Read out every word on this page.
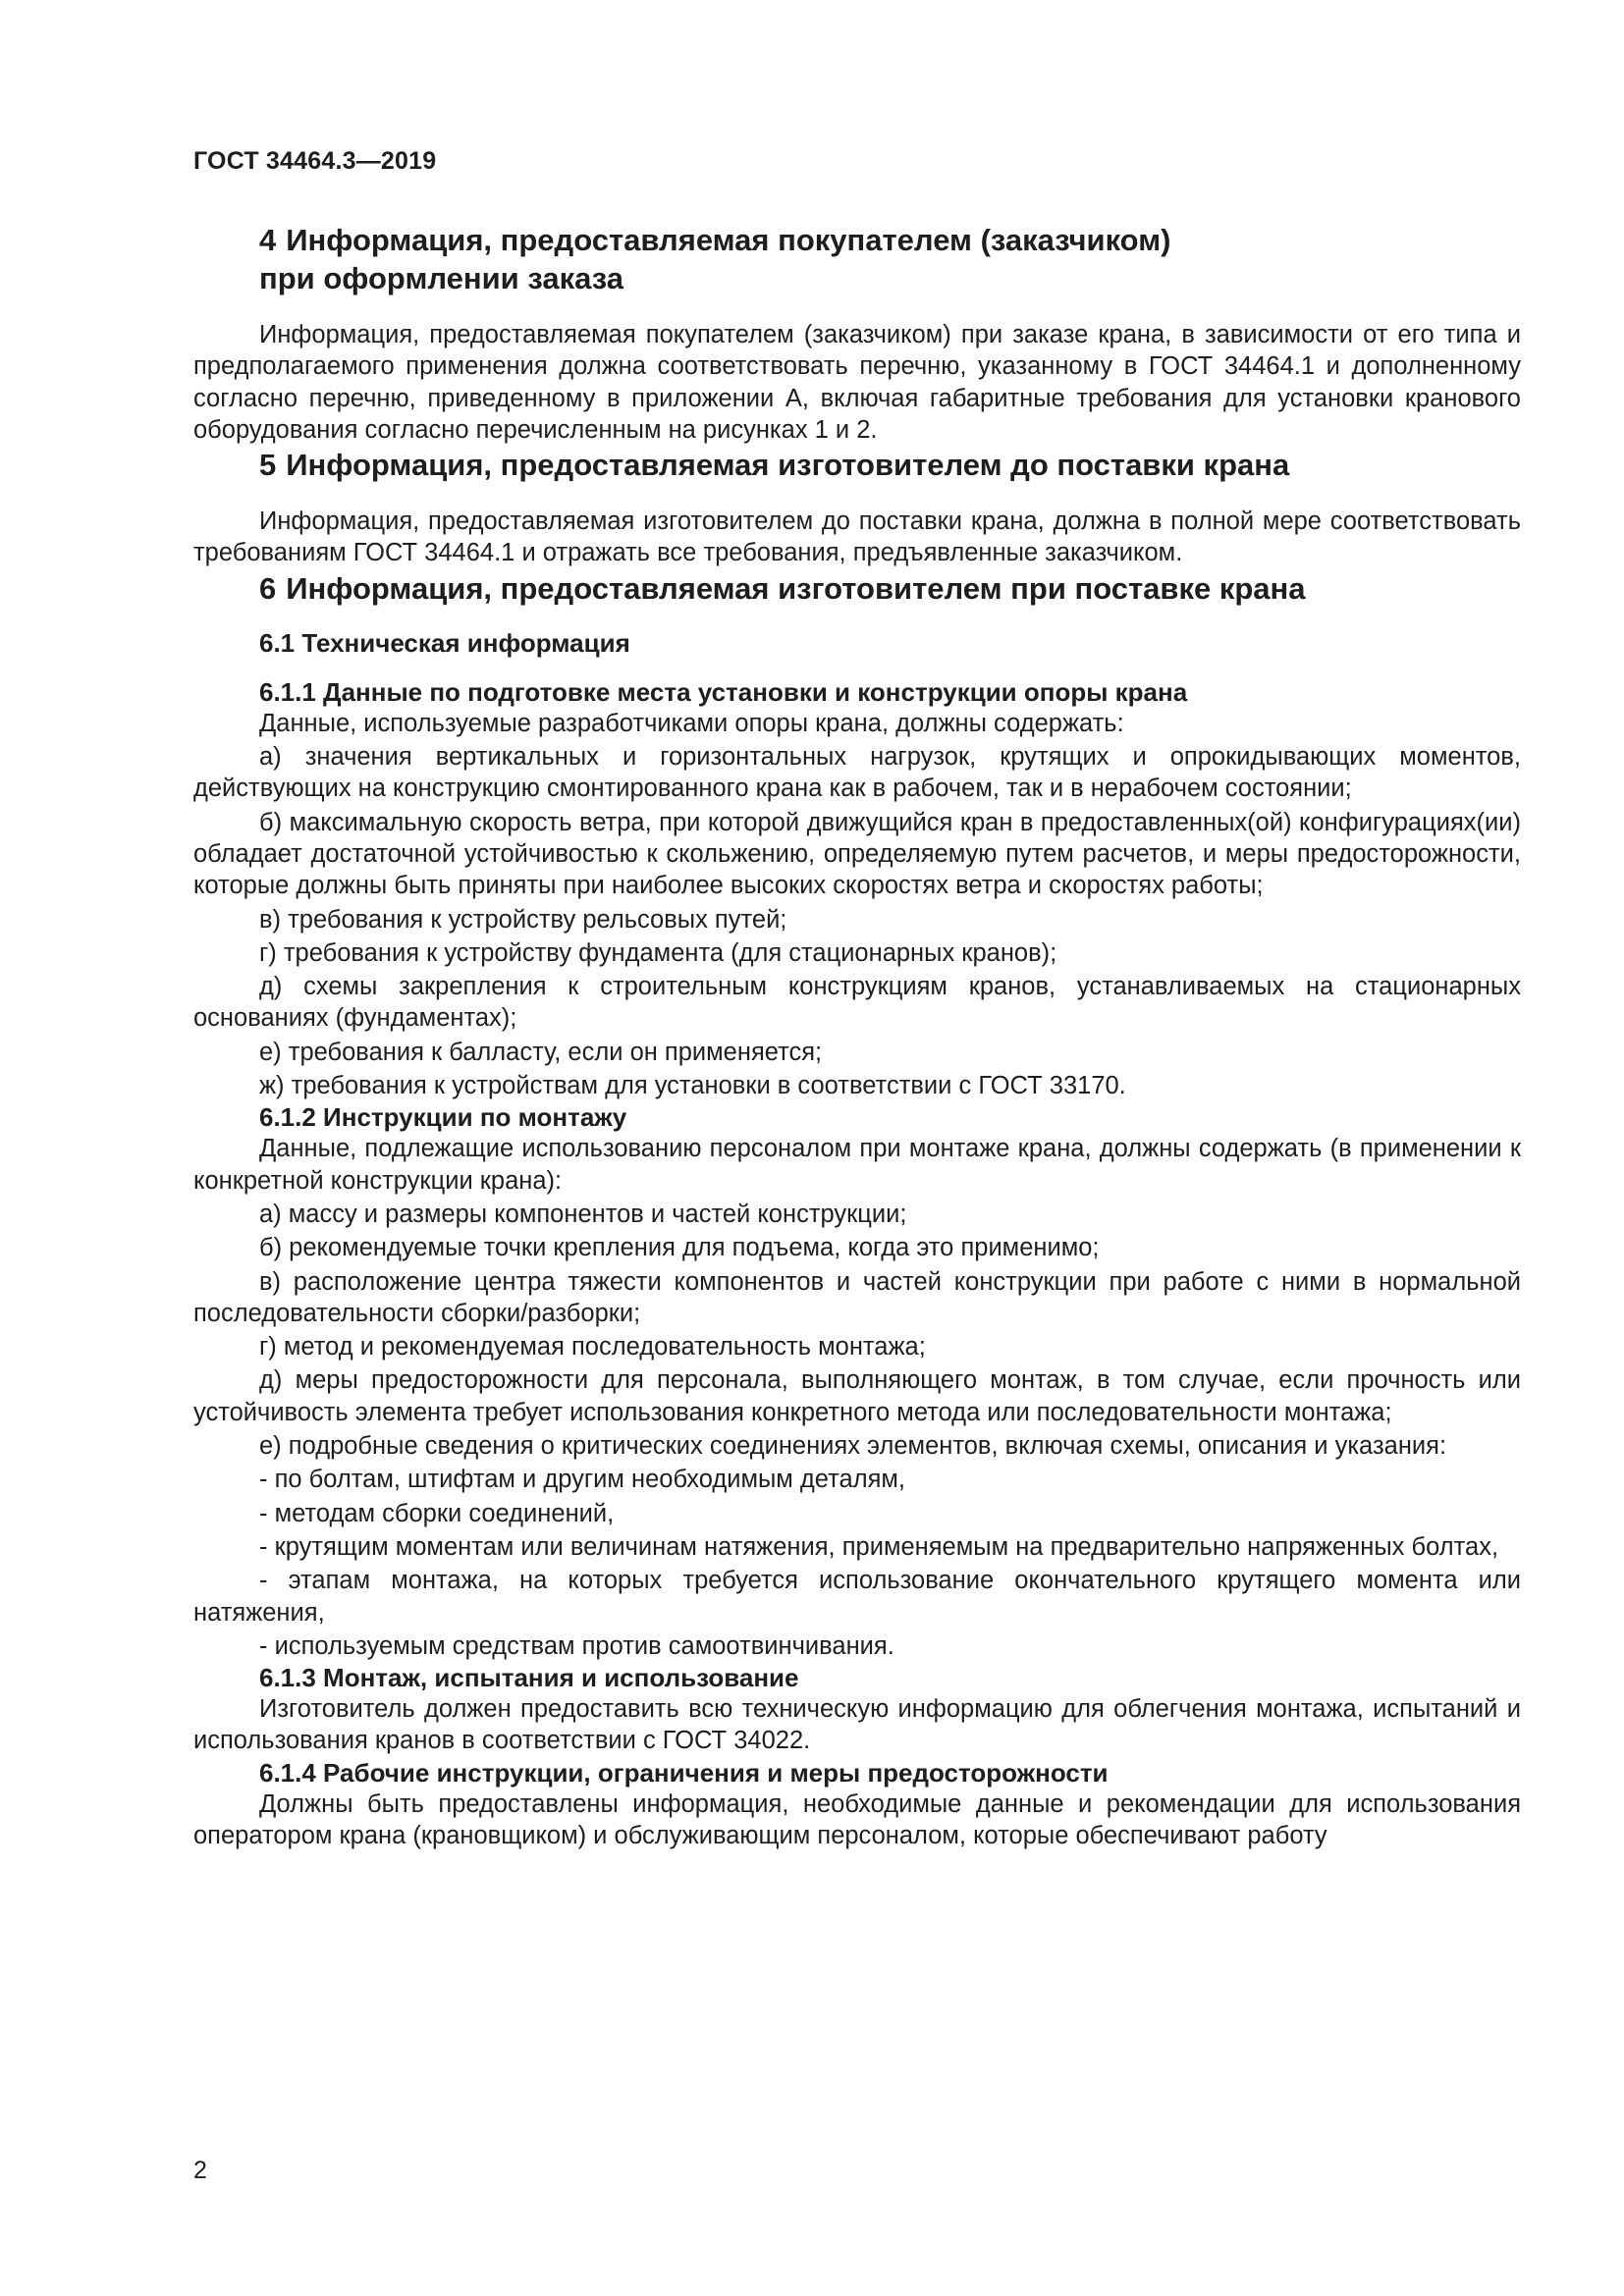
ГОСТ 34464.3—2019
4 Информация, предоставляемая покупателем (заказчиком)
при оформлении заказа

Информация, предоставляемая покупателем (заказчиком) при заказе крана, в зависимости от его типа и предполагаемого применения должна соответствовать перечню, указанному в ГОСТ 34464.1 и дополненному согласно перечню, приведенному в приложении А, включая габаритные требования для установки кранового оборудования согласно перечисленным на рисунках 1 и 2.

5 Информация, предоставляемая изготовителем до поставки крана

Информация, предоставляемая изготовителем до поставки крана, должна в полной мере соответствовать требованиям ГОСТ 34464.1 и отражать все требования, предъявленные заказчиком.

6 Информация, предоставляемая изготовителем при поставке крана
6.1 Техническая информация
6.1.1 Данные по подготовке места установки и конструкции опоры крана

Данные, используемые разработчиками опоры крана, должны содержать:

а) значения вертикальных и горизонтальных нагрузок, крутящих и опрокидывающих моментов, действующих на конструкцию смонтированного крана как в рабочем, так и в нерабочем состоянии;

б) максимальную скорость ветра, при которой движущийся кран в предоставленных(ой) конфигурациях(ии) обладает достаточной устойчивостью к скольжению, определяемую путем расчетов, и меры предосторожности, которые должны быть приняты при наиболее высоких скоростях ветра и скоростях работы;

в) требования к устройству рельсовых путей;

г) требования к устройству фундамента (для стационарных кранов);

д) схемы закрепления к строительным конструкциям кранов, устанавливаемых на стационарных основаниях (фундаментах);

е) требования к балласту, если он применяется;

ж) требования к устройствам для установки в соответствии с ГОСТ 33170.

6.1.2 Инструкции по монтажу

Данные, подлежащие использованию персоналом при монтаже крана, должны содержать (в применении к конкретной конструкции крана):

а) массу и размеры компонентов и частей конструкции;

б) рекомендуемые точки крепления для подъема, когда это применимо;

в) расположение центра тяжести компонентов и частей конструкции при работе с ними в нормальной последовательности сборки/разборки;

г) метод и рекомендуемая последовательность монтажа;

д) меры предосторожности для персонала, выполняющего монтаж, в том случае, если прочность или устойчивость элемента требует использования конкретного метода или последовательности монтажа;

е) подробные сведения о критических соединениях элементов, включая схемы, описания и указания:

- по болтам, штифтам и другим необходимым деталям,

- методам сборки соединений,

- крутящим моментам или величинам натяжения, применяемым на предварительно напряженных болтах,

- этапам монтажа, на которых требуется использование окончательного крутящего момента или натяжения,

- используемым средствам против самоотвинчивания.

6.1.3 Монтаж, испытания и использование

Изготовитель должен предоставить всю техническую информацию для облегчения монтажа, испытаний и использования кранов в соответствии с ГОСТ 34022.

6.1.4 Рабочие инструкции, ограничения и меры предосторожности

Должны быть предоставлены информация, необходимые данные и рекомендации для использования оператором крана (крановщиком) и обслуживающим персоналом, которые обеспечивают работу

2
